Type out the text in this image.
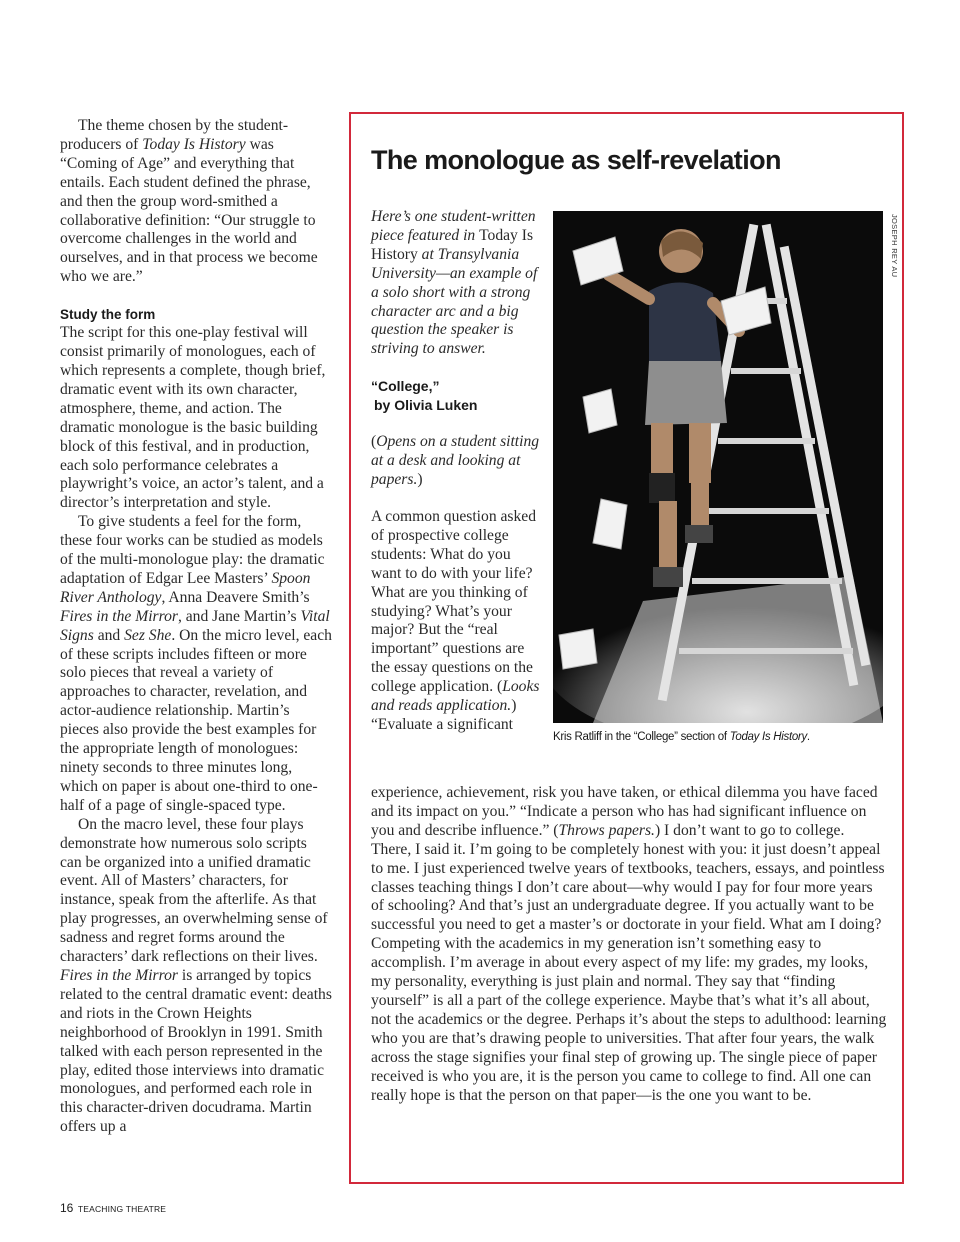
The theme chosen by the student-producers of Today Is History was “Coming of Age” and everything that entails. Each student defined the phrase, and then the group word-smithed a collaborative definition: “Our struggle to overcome challenges in the world and ourselves, and in that process we become who we are.”

Study the form

The script for this one-play festival will consist primarily of monologues, each of which represents a complete, though brief, dramatic event with its own character, atmosphere, theme, and action. The dramatic monologue is the basic building block of this festival, and in production, each solo performance celebrates a playwright’s voice, an actor’s talent, and a director’s interpretation and style.

To give students a feel for the form, these four works can be studied as models of the multi-monologue play: the dramatic adaptation of Edgar Lee Masters’ Spoon River Anthology, Anna Deavere Smith’s Fires in the Mirror, and Jane Martin’s Vital Signs and Sez She. On the micro level, each of these scripts includes fifteen or more solo pieces that reveal a variety of approaches to character, revelation, and actor-audience relationship. Martin’s pieces also provide the best examples for the appropriate length of monologues: ninety seconds to three minutes long, which on paper is about one-third to one-half of a page of single-spaced type.

On the macro level, these four plays demonstrate how numerous solo scripts can be organized into a unified dramatic event. All of Masters’ characters, for instance, speak from the afterlife. As that play progresses, an overwhelming sense of sadness and regret forms around the characters’ dark reflections on their lives. Fires in the Mirror is arranged by topics related to the central dramatic event: deaths and riots in the Crown Heights neighborhood of Brooklyn in 1991. Smith talked with each person represented in the play, edited those interviews into dramatic monologues, and performed each role in this character-driven docudrama. Martin offers up a

The monologue as self-revelation

Here’s one student-written piece featured in Today Is History at Transylvania University—an example of a solo short with a strong character arc and a big question the speaker is striving to answer.

“College,”
by Olivia Luken

(Opens on a student sitting at a desk and looking at papers.)

A common question asked of prospective college students: What do you want to do with your life? What are you thinking of studying? What’s your major? But the “real important” questions are the essay questions on the college application. (Looks and reads application.) “Evaluate a significant

JOSEPH REY AU
Kris Ratliff in the “College” section of Today Is History.

experience, achievement, risk you have taken, or ethical dilemma you have faced and its impact on you.” “Indicate a person who has had significant influence on you and describe influence.” (Throws papers.) I don’t want to go to college. There, I said it. I’m going to be completely honest with you: it just doesn’t appeal to me. I just experienced twelve years of textbooks, teachers, essays, and pointless classes teaching things I don’t care about—why would I pay for four more years of schooling? And that’s just an undergraduate degree. If you actually want to be successful you need to get a master’s or doctorate in your field. What am I doing? Competing with the academics in my generation isn’t something easy to accomplish. I’m average in about every aspect of my life: my grades, my looks, my personality, everything is just plain and normal. They say that “finding yourself” is all a part of the college experience. Maybe that’s what it’s all about, not the academics or the degree. Perhaps it’s about the steps to adulthood: learning who you are that’s drawing people to universities. That after four years, the walk across the stage signifies your final step of growing up. The single piece of paper received is who you are, it is the person you came to college to find. All one can really hope is that the person on that paper—is the one you want to be.

16 TEACHING THEATRE
